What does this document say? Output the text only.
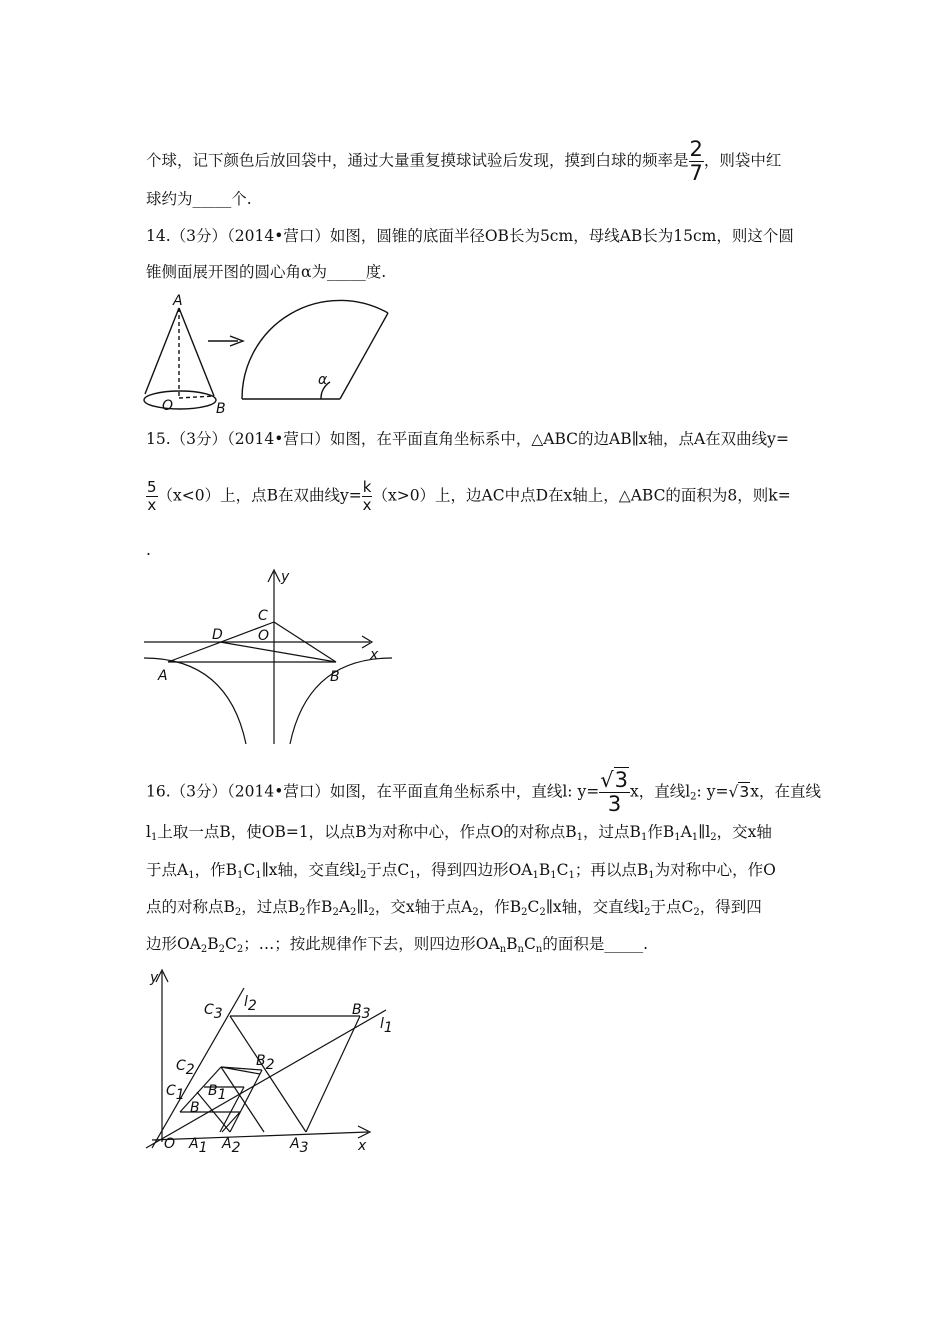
个球，记下颜色后放回袋中，通过大量重复摸球试验后发现，摸到白球的频率是 $\frac{2}{7}$ ，则袋中红
球约为_____个.
14.（3分）（2014•营口）如图，圆锥的底面半径OB长为5cm，母线AB长为15cm，则这个圆
锥侧面展开图的圆心角α为_____度.
A
O	B
α
15.（3分）（2014•营口）如图，在平面直角坐标系中，△ABC的边AB∥x轴，点A在双曲线y=
$\frac{5}{x} (x<0)$上，点B在双曲线$y= \frac{k}{x} (x>0)$上，边AC中点D在x轴上，△ABC的面积为8，则k=
.
y
x
C
O
D
A	B
16.（3分）（2014•营口）如图，在平面直角坐标系中，直线l: $y= \frac{√3}{3}$ x，直线$l_2$: y=√3x，在直线
$l_1$上取一点B，使OB=1，以点B为对称中心，作点O的对称点$B_1$，过点$B_1$作$B_1A_1\parallel l_2$，交x轴
于点$A_1$，作$B_1C_1\parallel x$轴，交直线$l_2$于点$C_1$，得到四边形$OA_1B_1C_1$；再以点$B_1$为对称中心，作O
点的对称点$B_2$，过点$B_2$作$B_2A_2\parallel l_2$，交x轴于点$A_2$，作$B_2C_2\parallel x$轴，交直线$l_2$于点$C_2$，得到四
边形$OA_2B_2C_2$；…；按此规律作下去，则四边形$OA_nB_nC_n$的面积是_____.
y
x
O
B
A1 A2	A3
B1
B2
B3
C1
C2
C3
l2
l1
